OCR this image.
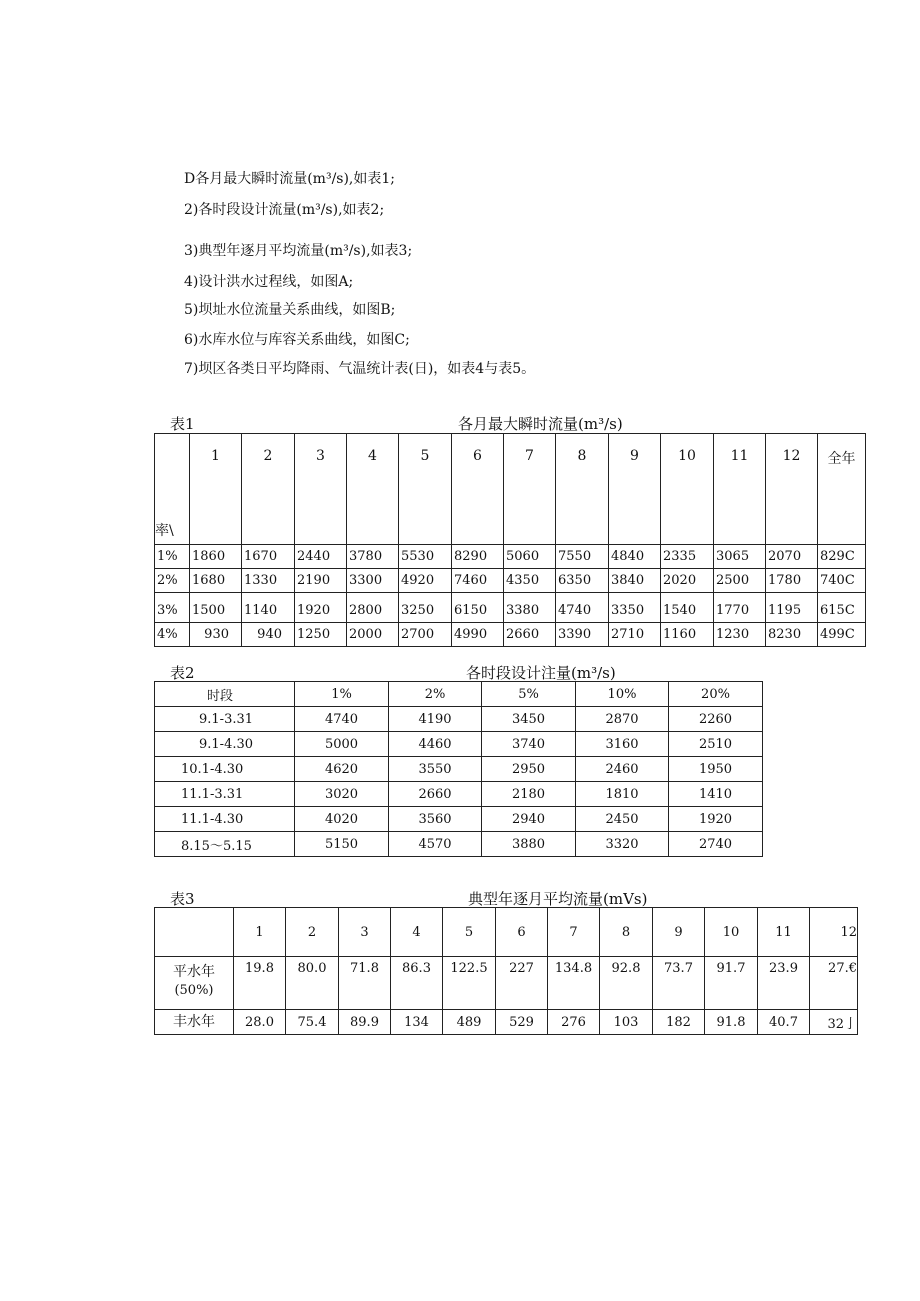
D各月最大瞬时流量(m³/s),如表1;
2)各时段设计流量(m³/s),如表2;
3)典型年逐月平均流量(m³/s),如表3;
4)设计洪水过程线，如图A;
5)坝址水位流量关系曲线，如图B;
6)水库水位与库容关系曲线，如图C;
7)坝区各类日平均降雨、气温统计表(日)，如表4与表5。
表1	各月最大瞬时流量(m³/s)
率\	1	2	3	4	5	6	7	8	9	10	11	12	全年
1%	1860	1670	2440	3780	5530	8290	5060	7550	4840	2335	3065	2070	829C
2%	1680	1330	2190	3300	4920	7460	4350	6350	3840	2020	2500	1780	740C
3%	1500	1140	1920	2800	3250	6150	3380	4740	3350	1540	1770	1195	615C
4%	930	940	1250	2000	2700	4990	2660	3390	2710	1160	1230	8230	499C
表2	各时段设计注量(m³/s)
时段	1%	2%	5%	10%	20%
9.1-3.31	4740	4190	3450	2870	2260
9.1-4.30	5000	4460	3740	3160	2510
10.1-4.30	4620	3550	2950	2460	1950
11.1-3.31	3020	2660	2180	1810	1410
11.1-4.30	4020	3560	2940	2450	1920
8.15～5.15	5150	4570	3880	3320	2740
表3	典型年逐月平均流量(mVs)
	1	2	3	4	5	6	7	8	9	10	11	12

平水年
(50%)	19.8	80.0	71.8	86.3	122.5	227	134.8	92.8	73.7	91.7	23.9	27.€
丰水年	28.0	75.4	89.9	134	489	529	276	103	182	91.8	40.7	32亅
